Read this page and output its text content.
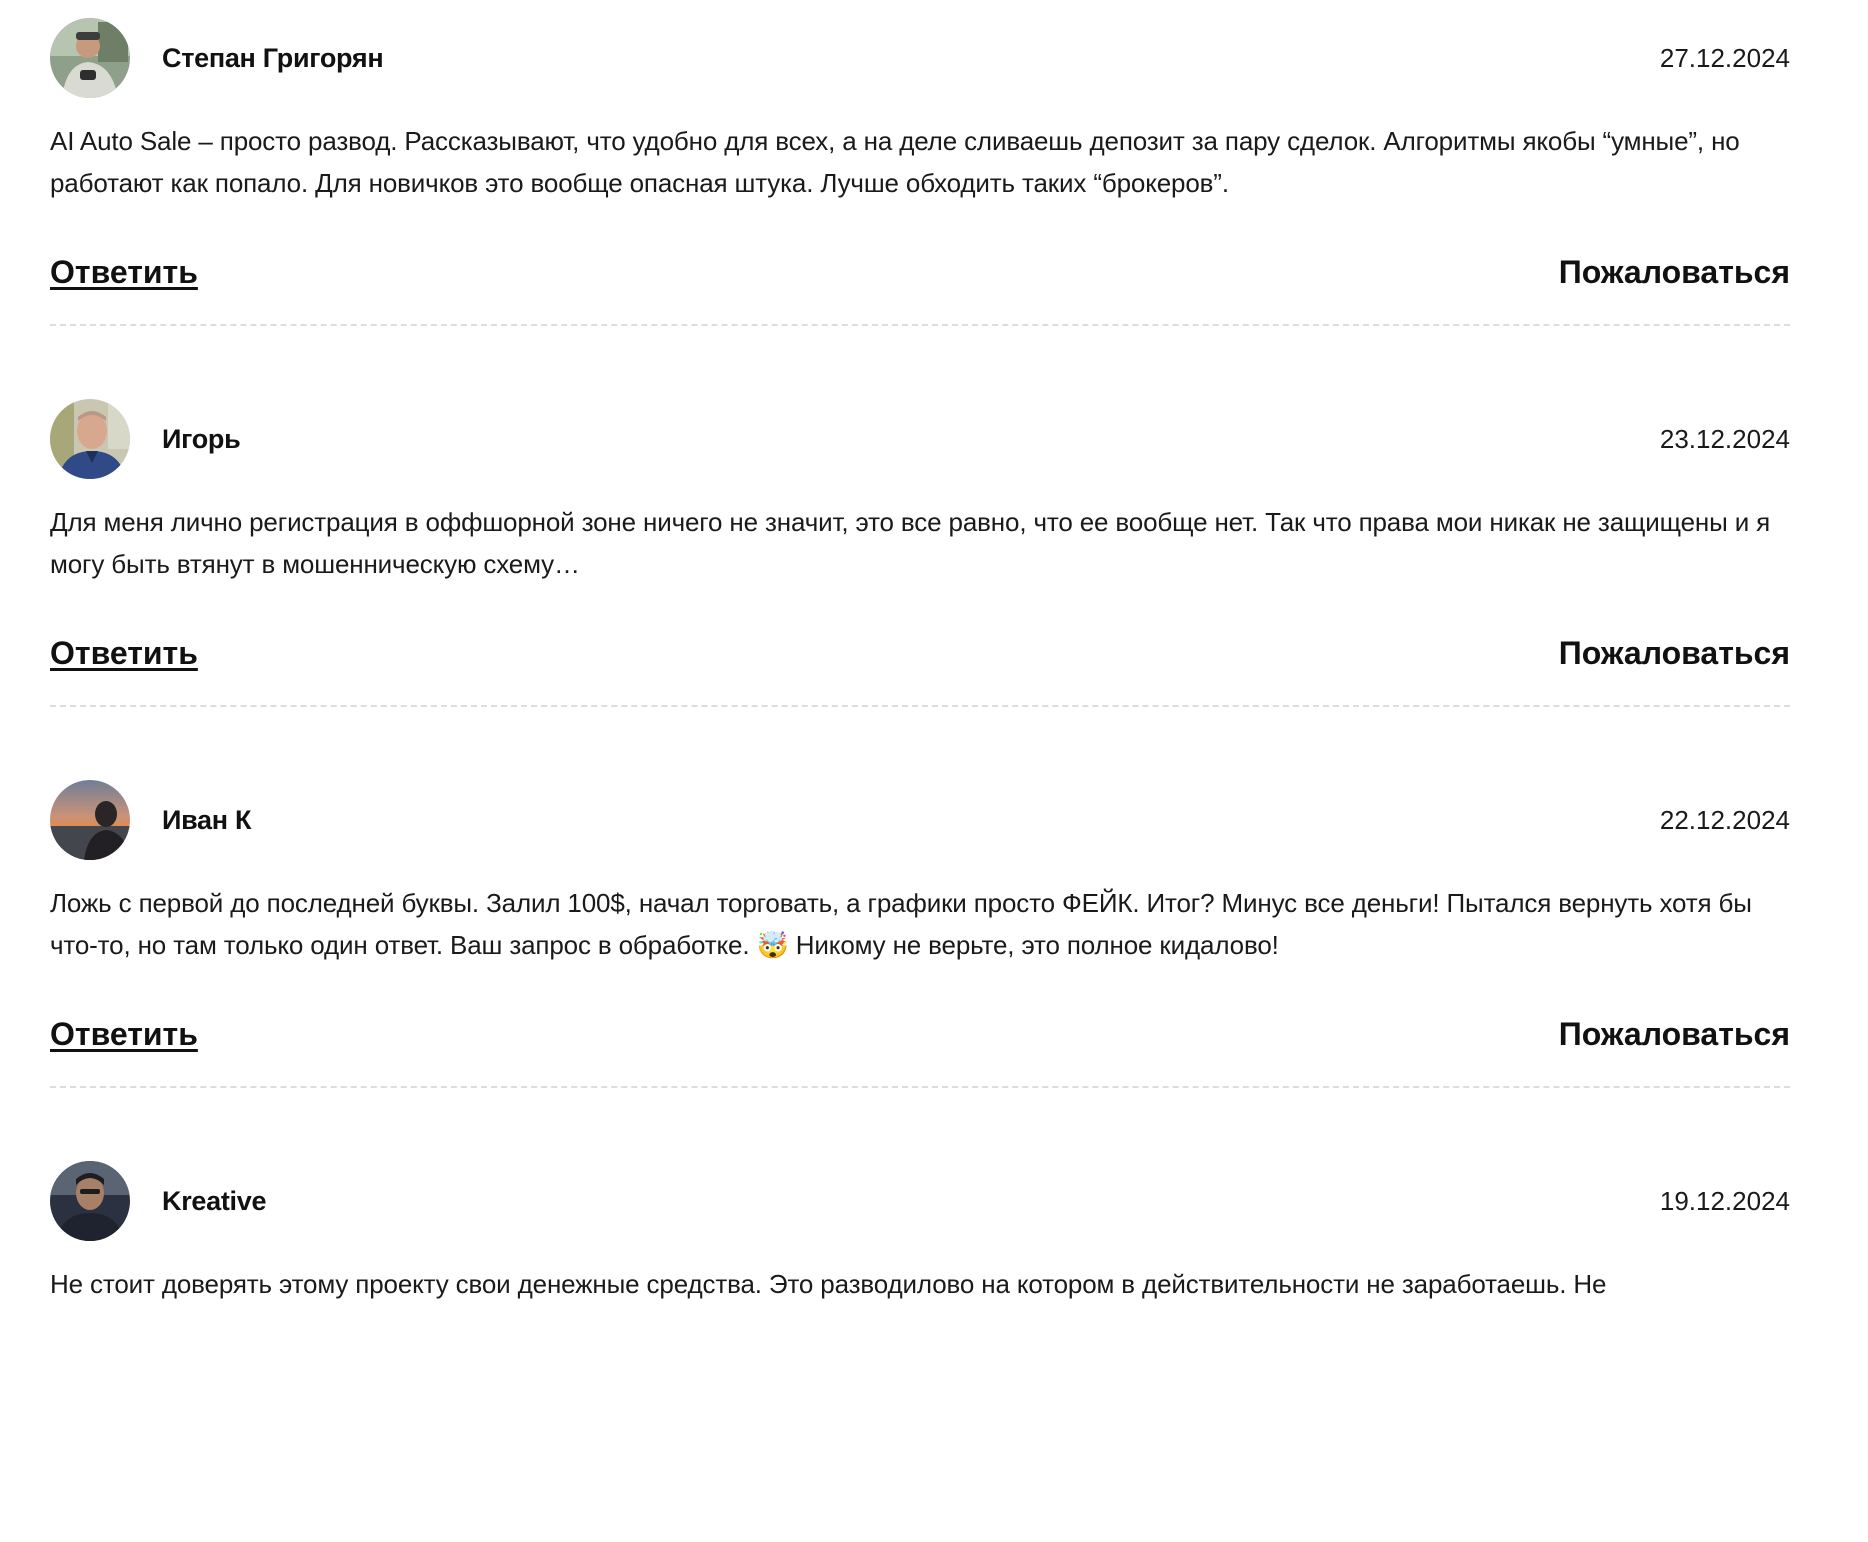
Степан Григорян	27.12.2024

AI Auto Sale – просто развод. Рассказывают, что удобно для всех, а на деле сливаешь депозит за пару сделок. Алгоритмы якобы “умные”, но работают как попало. Для новичков это вообще опасная штука. Лучше обходить таких “брокеров”.

Ответить	Пожаловаться
Игорь	23.12.2024

Для меня лично регистрация в оффшорной зоне ничего не значит, это все равно, что ее вообще нет. Так что права мои никак не защищены и я могу быть втянут в мошенническую схему…

Ответить	Пожаловаться
Иван К	22.12.2024

Ложь с первой до последней буквы. Залил 100$, начал торговать, а графики просто ФЕЙК. Итог? Минус все деньги! Пытался вернуть хотя бы что-то, но там только один ответ. Ваш запрос в обработке. 🤯 Никому не верьте, это полное кидалово!

Ответить	Пожаловаться
Kreative	19.12.2024

Не стоит доверять этому проекту свои денежные средства. Это разводилово на котором в действительности не заработаешь. Не
